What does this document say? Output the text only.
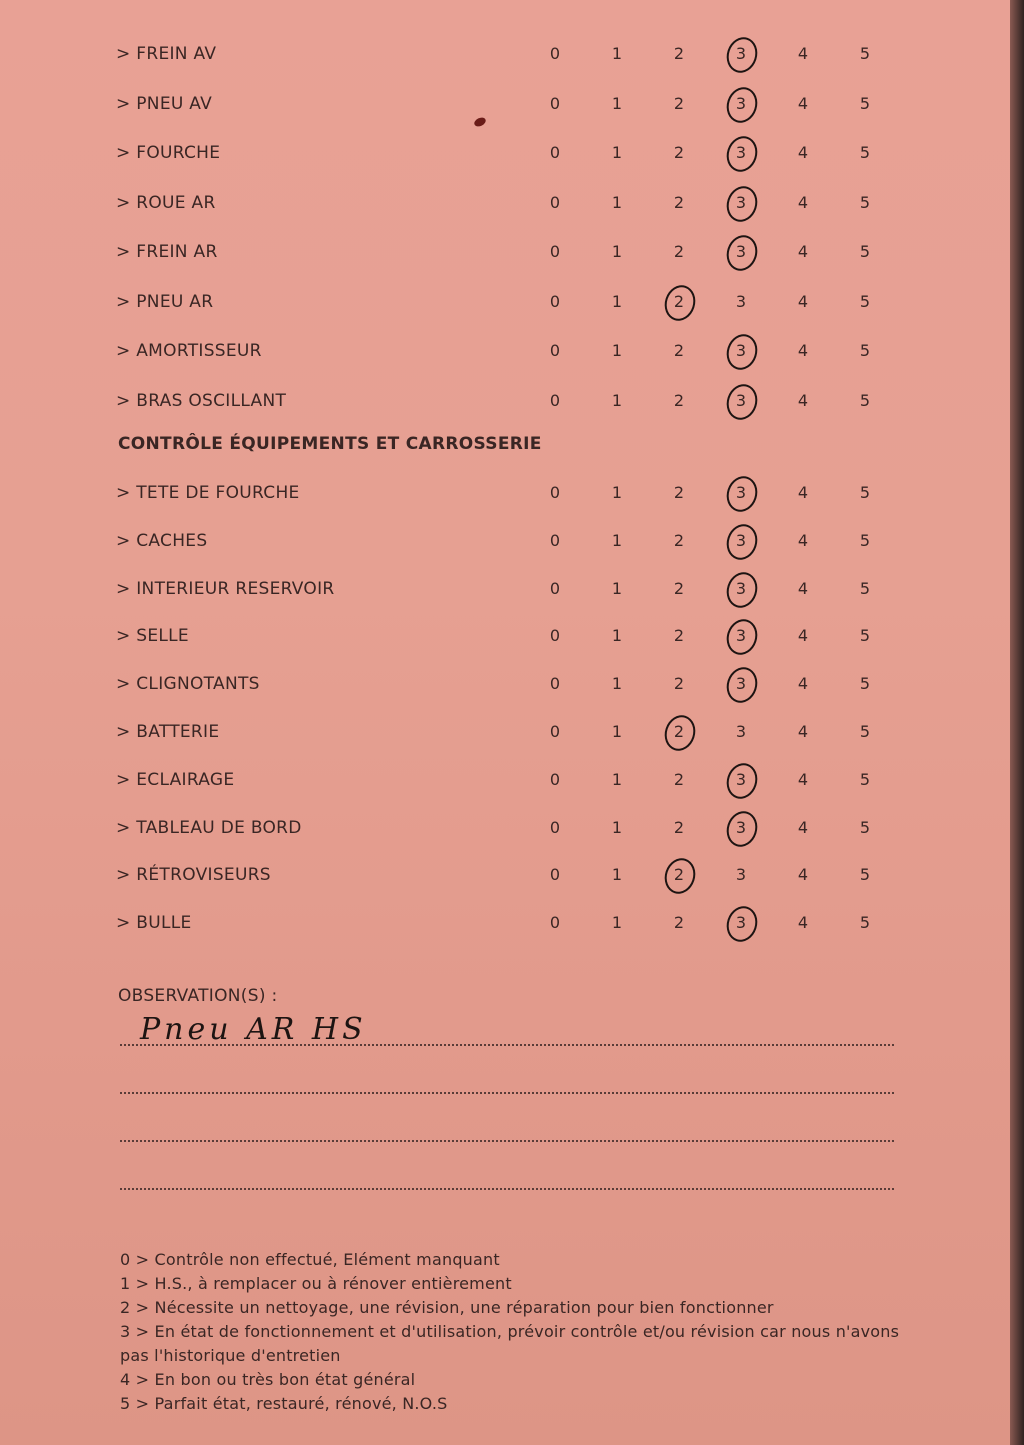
> FREIN AV	0	1	2	3	4	5
> PNEU AV	0	1	2	3	4	5
> FOURCHE	0	1	2	3	4	5
> ROUE AR	0	1	2	3	4	5
> FREIN AR	0	1	2	3	4	5
> PNEU AR	0	1	2	3	4	5
> AMORTISSEUR	0	1	2	3	4	5
> BRAS OSCILLANT	0	1	2	3	4	5
CONTRÔLE ÉQUIPEMENTS ET CARROSSERIE
> TETE DE FOURCHE	0	1	2	3	4	5
> CACHES	0	1	2	3	4	5
> INTERIEUR RESERVOIR	0	1	2	3	4	5
> SELLE	0	1	2	3	4	5
> CLIGNOTANTS	0	1	2	3	4	5
> BATTERIE	0	1	2	3	4	5
> ECLAIRAGE	0	1	2	3	4	5
> TABLEAU DE BORD	0	1	2	3	4	5
> RÉTROVISEURS	0	1	2	3	4	5
> BULLE	0	1	2	3	4	5
OBSERVATION(S) :
Pneu AR HS
0 > Contrôle non effectué, Elément manquant
1 > H.S., à remplacer ou à rénover entièrement
2 > Nécessite un nettoyage, une révision, une réparation pour bien fonctionner
3 > En état de fonctionnement et d'utilisation, prévoir contrôle et/ou révision car nous n'avons pas l'historique d'entretien
4 > En bon ou très bon état général
5 > Parfait état, restauré, rénové, N.O.S
